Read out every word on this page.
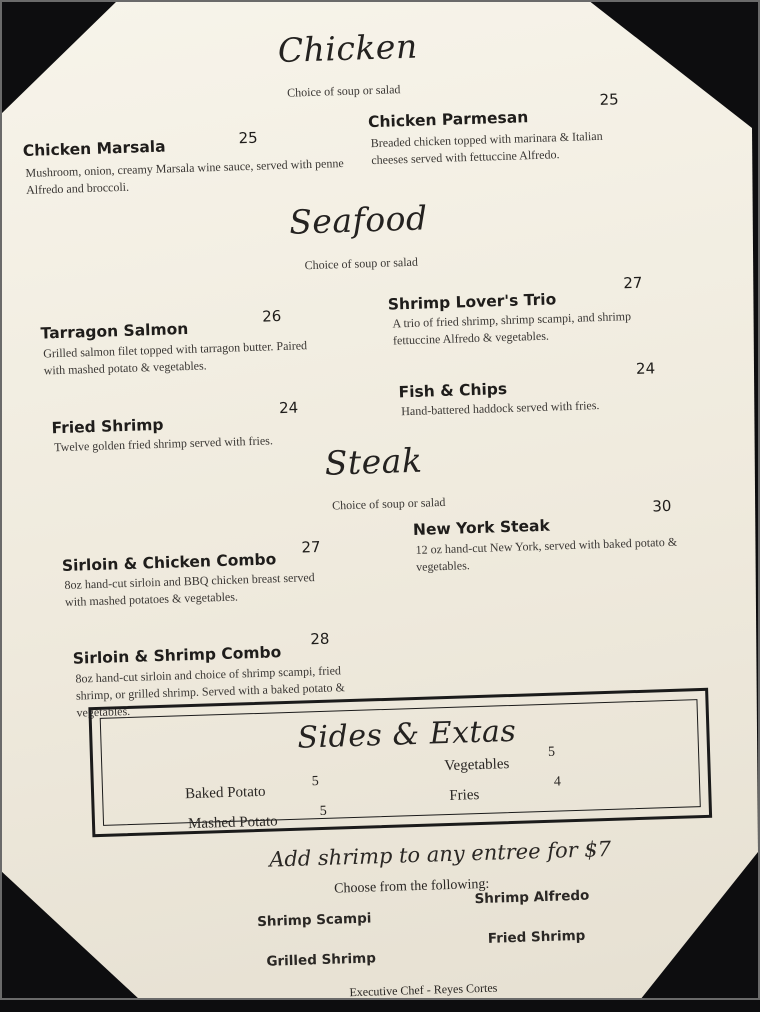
Chicken
Choice of soup or salad
Chicken Marsala	25
Mushroom, onion, creamy Marsala wine sauce, served with penne Alfredo and broccoli.
Chicken Parmesan
25
Breaded chicken topped with marinara & Italian cheeses served with fettuccine Alfredo.
Seafood
Choice of soup or salad
Tarragon Salmon
26
Grilled salmon filet topped with tarragon butter. Paired with mashed potato & vegetables.
Shrimp Lover's Trio
27
A trio of fried shrimp, shrimp scampi, and shrimp fettuccine Alfredo & vegetables.
Fried Shrimp
24
Twelve golden fried shrimp served with fries.
Fish & Chips
24
Hand-battered haddock served with fries.
Steak
Choice of soup or salad
Sirloin & Chicken Combo
27
8oz hand-cut sirloin and BBQ chicken breast served with mashed potatoes & vegetables.
New York Steak
30
12 oz hand-cut New York, served with baked potato & vegetables.
Sirloin & Shrimp Combo
28
8oz hand-cut sirloin and choice of shrimp scampi, fried shrimp, or grilled shrimp. Served with a baked potato & vegetables.
Sides & Extas
Baked Potato
5
Mashed Potato
5
Vegetables
5
Fries
4
Add shrimp to any entree for $7
Choose from the following:
Shrimp Scampi
Shrimp Alfredo
Grilled Shrimp
Fried Shrimp
Executive Chef - Reyes Cortes
